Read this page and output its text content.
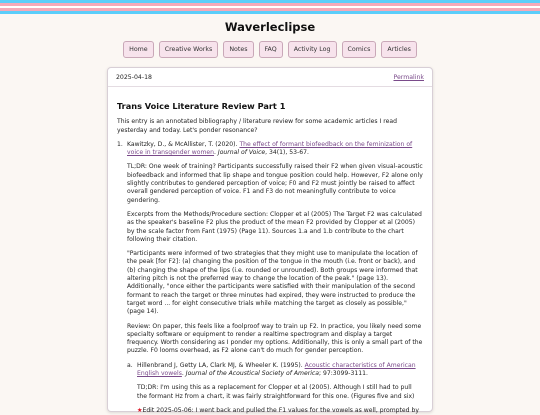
Waverleclipse
Home	Creative Works	Notes	FAQ	Activity Log	Comics	Articles
2025-04-18	Permalink
Trans Voice Literature Review Part 1
This entry is an annotated bibliography / literature review for some academic articles I read yesterday and today. Let's ponder resonance?
1. Kawitzky, D., & McAllister, T. (2020). The effect of formant biofeedback on the feminization of voice in transgender women. Journal of Voice, 34(1), 53-67.
TL;DR: One week of training? Participants successfully raised their F2 when given visual-acoustic biofeedback and informed that lip shape and tongue position could help. However, F2 alone only slightly contributes to gendered perception of voice; F0 and F2 must jointly be raised to affect overall gendered perception of voice. F1 and F3 do not meaningfully contribute to voice gendering.
Excerpts from the Methods/Procedure section: Clopper et al (2005) The Target F2 was calculated as the speaker's baseline F2 plus the product of the mean F2 provided by Clopper et al (2005) by the scale factor from Fant (1975) (Page 11). Sources 1.a and 1.b contribute to the chart following their citation.
"Participants were informed of two strategies that they might use to manipulate the location of the peak [for F2]: (a) changing the position of the tongue in the mouth (i.e. front or back), and (b) changing the shape of the lips (i.e. rounded or unrounded). Both groups were informed that altering pitch is not the preferred way to change the location of the peak." (page 13). Additionally, "once either the participants were satisfied with their manipulation of the second formant to reach the target or three minutes had expired, they were instructed to produce the target word ... for eight consecutive trials while matching the target as closely as possible," (page 14).
Review: On paper, this feels like a foolproof way to train up F2. In practice, you likely need some specialty software or equipment to render a realtime spectrogram and display a target frequency. Worth considering as I ponder my options. Additionally, this is only a small part of the puzzle. F0 looms overhead, as F2 alone can't do much for gender perception.
a. Hillenbrand J, Getty LA, Clark MJ, & Wheeler K. (1995). Acoustic characteristics of American English vowels. Journal of the Acoustical Society of America; 97:3099-3111.
TD;DR: I'm using this as a replacement for Clopper et al (2005). Although I still had to pull the formant Hz from a chart, it was fairly straightforward for this one. (Figures five and six)
★Edit 2025-05-06: I went back and pulled the F1 values for the vowels as well, prompted by
